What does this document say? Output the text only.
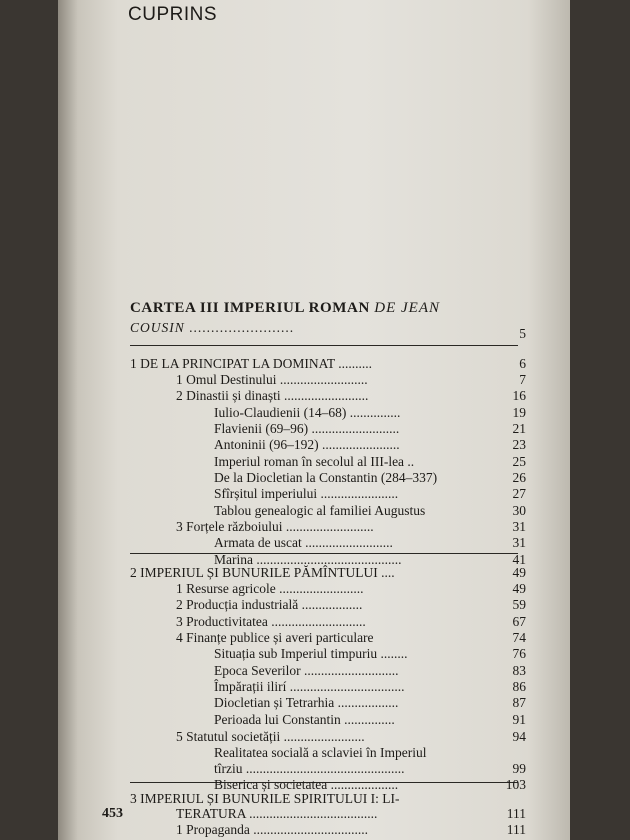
CUPRINS
CARTEA III IMPERIUL ROMAN DE JEAN
COUSIN ........................	5
1 DE LA PRINCIPAT LA DOMINAT ..........	6
1 Omul Destinului ..........................	7
2 Dinastii și dinaști .........................	16
Iulio-Claudienii (14–68) ...............	19
Flavienii (69–96) ..........................	21
Antoninii (96–192) .......................	23
Imperiul roman în secolul al III-lea ..	25
De la Diocletian la Constantin (284–337)	26
Sfîrșitul imperiului .......................	27
Tablou genealogic al familiei Augustus	30
3 Forțele războiului ..........................	31
Armata de uscat ..........................	31
Marina ...........................................	41
2 IMPERIUL ȘI BUNURILE PĂMÎNTULUI ....	49
1 Resurse agricole .........................	49
2 Producția industrială ..................	59
3 Productivitatea ............................	67
4 Finanțe publice și averi particulare	74
Situația sub Imperiul timpuriu ........	76
Epoca Severilor ............................	83
Împărații ilirí ..................................	86
Diocletian și Tetrarhia ..................	87
Perioada lui Constantin ...............	91
5 Statutul societății ........................	94
Realitatea socială a sclaviei în Imperiul
tîrziu ...............................................	99
Biserica și societatea ....................	103
3 IMPERIUL ȘI BUNURILE SPIRITULUI I: LI-
TERATURA ......................................	111
1 Propaganda ..................................	111
453
